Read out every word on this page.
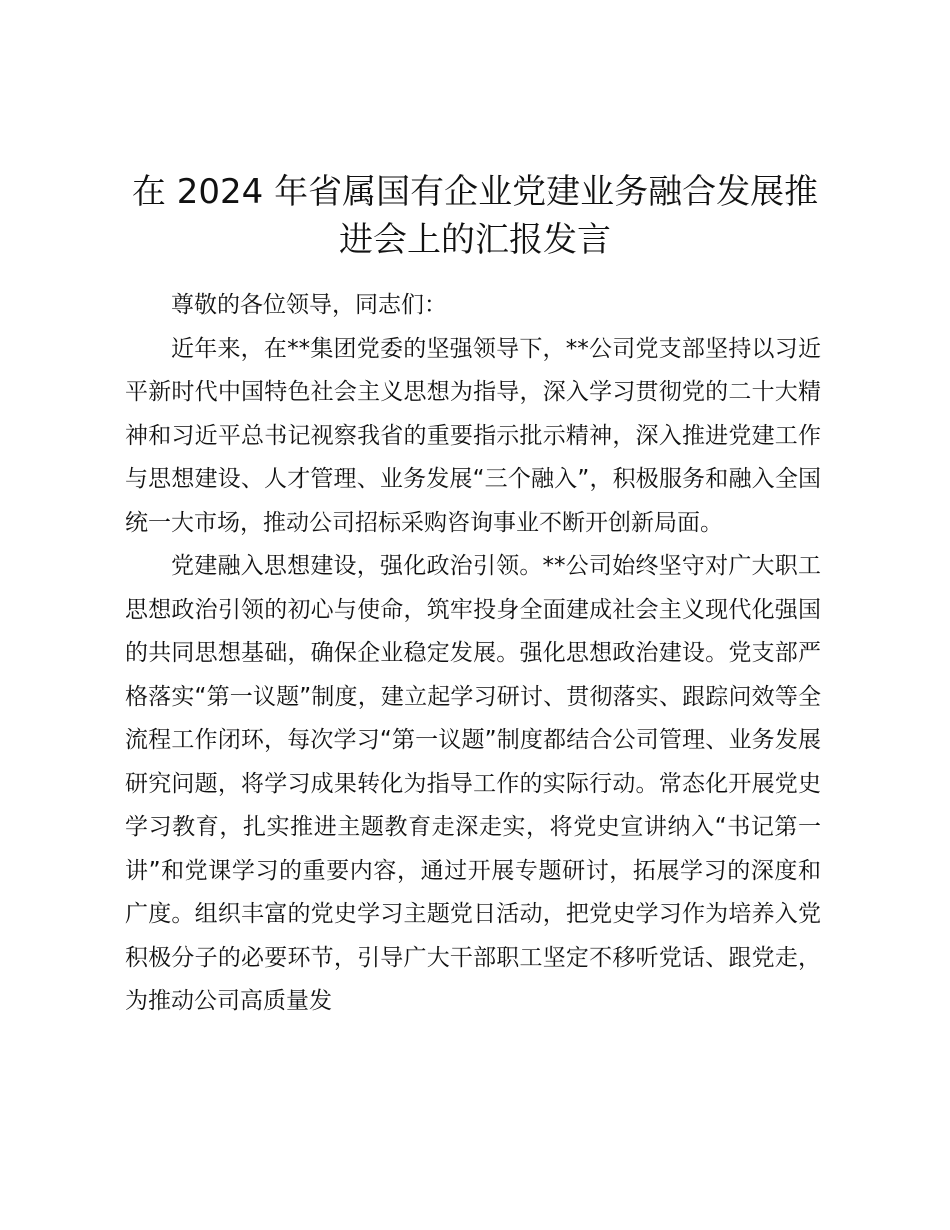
在 2024 年省属国有企业党建业务融合发展推进会上的汇报发言

尊敬的各位领导，同志们：

近年来，在**集团党委的坚强领导下，**公司党支部坚持以习近平新时代中国特色社会主义思想为指导，深入学习贯彻党的二十大精神和习近平总书记视察我省的重要指示批示精神，深入推进党建工作与思想建设、人才管理、业务发展“三个融入”，积极服务和融入全国统一大市场，推动公司招标采购咨询事业不断开创新局面。

党建融入思想建设，强化政治引领。**公司始终坚守对广大职工思想政治引领的初心与使命，筑牢投身全面建成社会主义现代化强国的共同思想基础，确保企业稳定发展。强化思想政治建设。党支部严格落实“第一议题”制度，建立起学习研讨、贯彻落实、跟踪问效等全流程工作闭环，每次学习“第一议题”制度都结合公司管理、业务发展研究问题，将学习成果转化为指导工作的实际行动。常态化开展党史学习教育，扎实推进主题教育走深走实，将党史宣讲纳入“书记第一讲”和党课学习的重要内容，通过开展专题研讨，拓展学习的深度和广度。组织丰富的党史学习主题党日活动，把党史学习作为培养入党积极分子的必要环节，引导广大干部职工坚定不移听党话、跟党走，为推动公司高质量发
